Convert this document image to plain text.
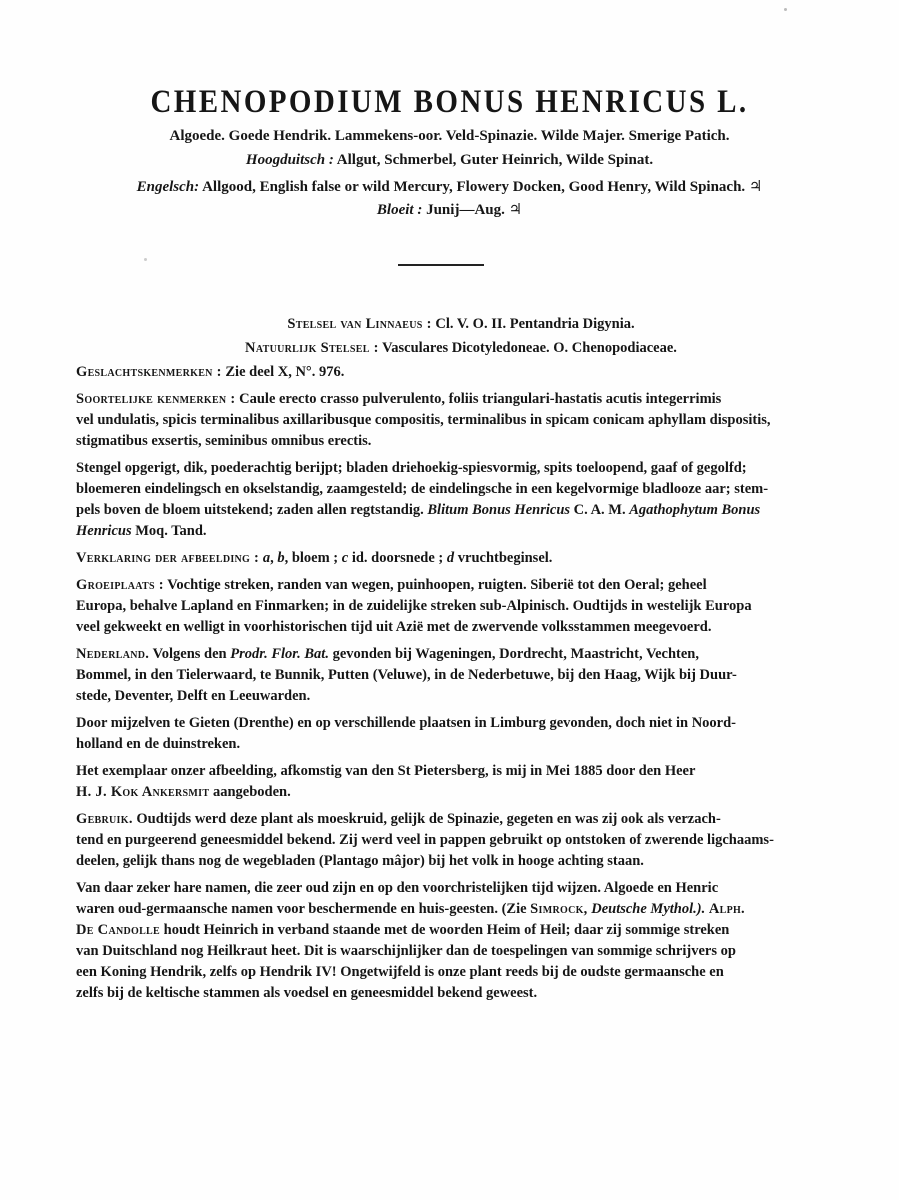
CHENOPODIUM BONUS HENRICUS L.
Algoede. Goede Hendrik. Lammekens-oor. Veld-Spinazie. Wilde Majer. Smerige Patich.
Hoogduitsch : Allgut, Schmerbel, Guter Heinrich, Wilde Spinat.
Engelsch: Allgood, English false or wild Mercury, Flowery Docken, Good Henry, Wild Spinach. ♃
Bloeit : Junij—Aug. ♃
Stelsel van Linnaeus : Cl. V. O. II. Pentandria Digynia.
Natuurlijk Stelsel : Vasculares Dicotyledoneae. O. Chenopodiaceae.
Geslachtskenmerken : Zie deel X, N°. 976.
Soortelijke kenmerken : Caule erecto crasso pulverulento, foliis triangulari-hastatis acutis integerrimis
vel undulatis, spicis terminalibus axillaribusque compositis, terminalibus in spicam conicam aphyllam dispositis,
stigmatibus exsertis, seminibus omnibus erectis.
Stengel opgerigt, dik, poederachtig berijpt; bladen driehoekig-spiesvormig, spits toeloopend, gaaf of gegolfd;
bloemeren eindelingsch en okselstandig, zaamgesteld; de eindelingsche in een kegelvormige bladlooze aar; stem-
pels boven de bloem uitstekend; zaden allen regtstandig. Blitum Bonus Henricus C. A. M. Agathophytum Bonus
Henricus Moq. Tand.
Verklaring der afbeelding : a, b, bloem ; c id. doorsnede ; d vruchtbeginsel.
Groeiplaats : Vochtige streken, randen van wegen, puinhoopen, ruigten. Siberië tot den Oeral; geheel
Europa, behalve Lapland en Finmarken; in de zuidelijke streken sub-Alpinisch. Oudtijds in westelijk Europa
veel gekweekt en welligt in voorhistorischen tijd uit Azië met de zwervende volksstammen meegevoerd.
Nederland. Volgens den Prodr. Flor. Bat. gevonden bij Wageningen, Dordrecht, Maastricht, Vechten,
Bommel, in den Tielerwaard, te Bunnik, Putten (Veluwe), in de Nederbetuwe, bij den Haag, Wijk bij Duur-
stede, Deventer, Delft en Leeuwarden.
Door mijzelven te Gieten (Drenthe) en op verschillende plaatsen in Limburg gevonden, doch niet in Noord-
holland en de duinstreken.
Het exemplaar onzer afbeelding, afkomstig van den St Pietersberg, is mij in Mei 1885 door den Heer
H. J. Kok Ankersmit aangeboden.
Gebruik. Oudtijds werd deze plant als moeskruid, gelijk de Spinazie, gegeten en was zij ook als verzach-
tend en purgeerend geneesmiddel bekend. Zij werd veel in pappen gebruikt op ontstoken of zwerende ligchaams-
deelen, gelijk thans nog de wegebladen (Plantago mâjor) bij het volk in hooge achting staan.
Van daar zeker hare namen, die zeer oud zijn en op den voorchristelijken tijd wijzen. Algoede en Henric
waren oud-germaansche namen voor beschermende en huis-geesten. (Zie Simrock, Deutsche Mythol.). Alph.
De Candolle houdt Heinrich in verband staande met de woorden Heim of Heil; daar zij sommige streken
van Duitschland nog Heilkraut heet. Dit is waarschijnlijker dan de toespelingen van sommige schrijvers op
een Koning Hendrik, zelfs op Hendrik IV! Ongetwijfeld is onze plant reeds bij de oudste germaansche en
zelfs bij de keltische stammen als voedsel en geneesmiddel bekend geweest.
